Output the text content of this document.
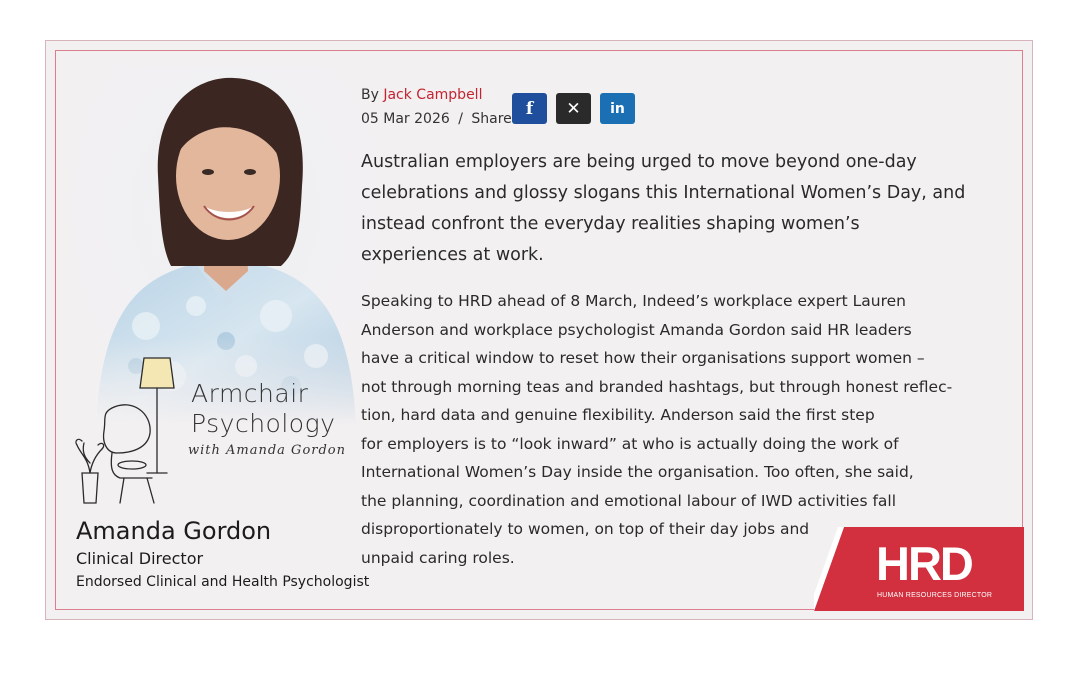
Armchair
Psychology
with Amanda Gordon
Amanda Gordon
Clinical Director
Endorsed Clinical and Health Psychologist
By Jack Campbell
05 Mar 2026 / Share
f ✕ in
Australian employers are being urged to move beyond one-day
celebrations and glossy slogans this International Women’s Day, and
instead confront the everyday realities shaping women’s
experiences at work.
Speaking to HRD ahead of 8 March, Indeed’s workplace expert Lauren
Anderson and workplace psychologist Amanda Gordon said HR leaders
have a critical window to reset how their organisations support women –
not through morning teas and branded hashtags, but through honest reflec-
tion, hard data and genuine flexibility. Anderson said the first step
for employers is to “look inward” at who is actually doing the work of
International Women’s Day inside the organisation. Too often, she said,
the planning, coordination and emotional labour of IWD activities fall
disproportionately to women, on top of their day jobs and
unpaid caring roles.	HRD
HUMAN RESOURCES DIRECTOR
